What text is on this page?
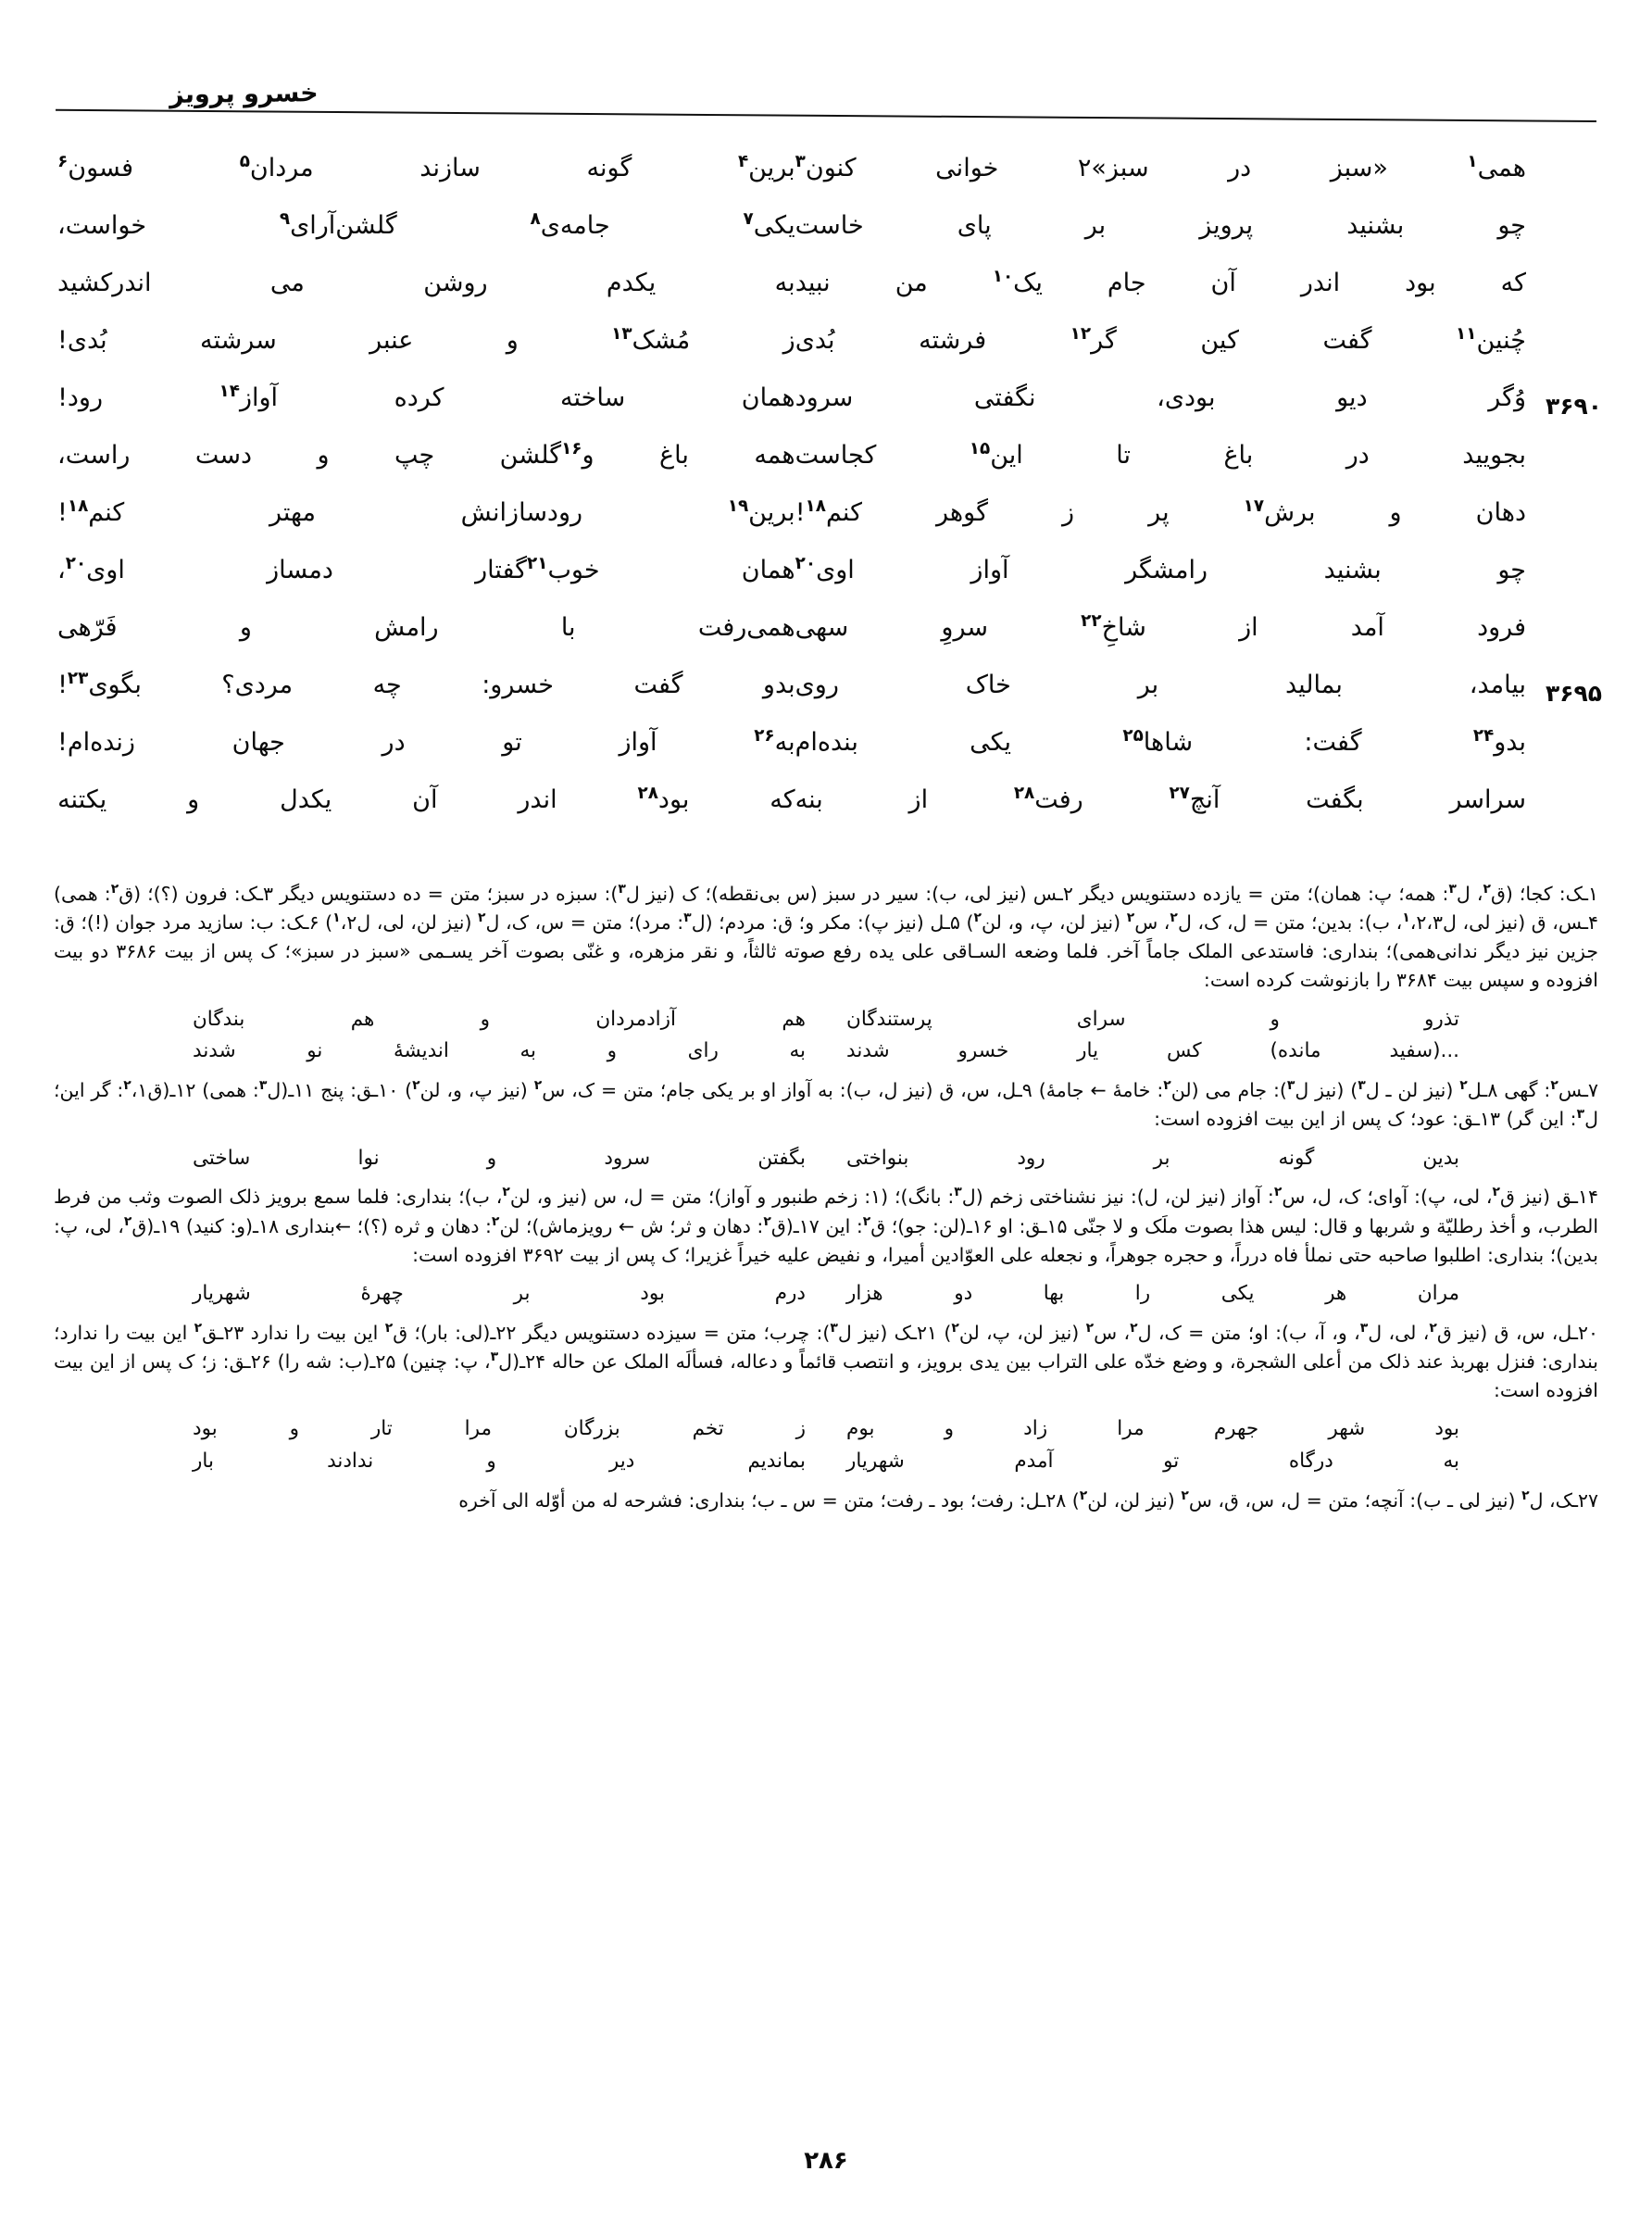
خسرو پرویز
همی$^۱$
«سبز
در
سبز»۲
خوانی
کنون$^۳$
برین$^۴$
گونه
سازند
مردان$^۵$
فسون$^۶$
چو
بشنید
پرویز
بر
پای
خاست
یکی$^۷$
جامه‌ی$^۸$
گلشن‌آرای$^۹$
خواست،
که
بود
اندر
آن
جام
یک$^{۱۰}$
من
نبید
به
یکدم
روشن
می
اندرکشید
چُنین$^{۱۱}$
گفت
کین
گر$^{۱۲}$
فرشته
بُدی
ز
مُشک$^{۱۳}$
و
عنبر
سرشته
بُدی!
۳۶۹۰
وُگر
دیو
بودی،
نگفتی
سرود
همان
ساخته
کرده
آواز$^{۱۴}$
رود!
بجویید
در
باغ
تا
این$^{۱۵}$
کجاست
همه
باغ
و$^{۱۶}$گلشن
چپ
و
دست
راست،
دهان
و
برش$^{۱۷}$
پر
ز
گوهر
کنم$^{۱۸}$!
برین$^{۱۹}$
رودسازانش
مهتر
کنم$^{۱۸}$!
چو
بشنید
رامشگر
آواز
اوی$^{۲۰}$
همان
خوب$^{۲۱}$گفتار
دمساز
اوی$^{۲۰}$،
فرود
آمد
از
شاخِ$^{۲۲}$
سروِ
سهی
همی‌رفت
با
رامش
و
فَرّهی
۳۶۹۵
بیامد،
بمالید
بر
خاک
روی
بدو
گفت
خسرو:
چه
مردی؟
بگوی$^{۲۳}$!
بدو$^{۲۴}$
گفت:
شاها$^{۲۵}$
یکی
بنده‌ام
به$^{۲۶}$
آواز
تو
در
جهان
زنده‌ام!
سراسر
بگفت
آنچ$^{۲۷}$
رفت$^{۲۸}$
از
بنه
که
بود$^{۲۸}$
اندر
آن
یکدل
و
یکتنه

۱ـک: کجا؛ (ق$^۲$، ل$^۳$: همه؛ پ: همان)؛ متن = یازده دستنویس دیگر ۲ـس (نیز لی، ب): سیر در سبز (س بی‌نقطه)؛ ک (نیز ل$^۳$): سبزه در سبز؛ متن = ده دستنویس دیگر ۳ـک: فرون (؟)؛ (ق$^۲$: همی) ۴ـس، ق (نیز لی، ل$^۱$،۲،۳، ب): بدین؛ متن = ل، ک، ل$^۲$، س$^۲$ (نیز لن، پ، و، لن$^۲$) ۵ـل (نیز پ): مکر و؛ ق: مردم؛ (ل$^۳$: مرد)؛ متن = س، ک، ل$^۲$ (نیز لن، لی، ل$^۱$،۲) ۶ـک: ب: سازید مرد جوان (!)؛ ق: جزین نیز دیگر ندانی‌همی)؛ بنداری: فاستدعی الملک جاماً آخر. فلما وضعه السـاقی علی یده رفع صوته ثالثاً، و نقر مزهره، و غنّی بصوت آخر یسـمی «سبز در سبز»؛ ک پس از بیت ۳۶۸۶ دو بیت افزوده و سپس بیت ۳۶۸۴ را بازنوشت کرده است:

تذرو
و
سرای
پرستندگان
هم
آزادمردان
و
هم
بندگان
...(سفید
مانده)
کس
یار
خسرو
شدند
به
رای
و
به
اندیشهٔ
نو
شدند

۷ـس$^۲$: گهی ۸ـل$^۲$ (نیز لن ـ ل$^۳$) (نیز ل$^۳$): جام می (لن$^۲$: خامهٔ ← جامهٔ) ۹ـل، س، ق (نیز ل، ب): به آواز او بر یکی جام؛ متن = ک، س$^۲$ (نیز پ، و، لن$^۲$) ۱۰ـق: پنج ۱۱ـ(ل$^۳$: همی) ۱۲ـ(ق$^۲$،۱: گر این؛ ل$^۳$: این گر) ۱۳ـق: عود؛ ک پس از این بیت افزوده است:

بدین
گونه
بر
رود
بنواختی
بگفتن
سرود
و
نوا
ساختی

۱۴ـق (نیز ق$^۲$، لی، پ): آوای؛ ک، ل، س$^۲$: آواز (نیز لن، ل): نیز نشناختی زخم (ل$^۳$: بانگ)؛ (۱: زخم طنبور و آواز)؛ متن = ل، س (نیز و، لن$^۲$، ب)؛ بنداری: فلما سمع برویز ذلک الصوت وثب من فرط الطرب، و أخذ رطلیّة و شربها و قال: لیس هذا بصوت ملَک و لا جنّی ۱۵ـق: او ۱۶ـ(لن: جو)؛ ق$^۲$: این ۱۷ـ(ق$^۲$: دهان و ثر؛ ش ← رویزماش)؛ لن$^۲$: دهان و ثره (؟)؛ ←بنداری ۱۸ـ(و: کنید) ۱۹ـ(ق$^۲$، لی، پ: بدین)؛ بنداری: اطلبوا صاحبه حتی نملأ فاه درراً، و حجره جوهراً، و نجعله علی العوّادین أمیرا، و نفیض علیه خیراً غزیرا؛ ک پس از بیت ۳۶۹۲ افزوده است:

مران
هر
یکی
را
بها
دو
هزار
درم
بود
بر
چهرهٔ
شهریار

۲۰ـل، س، ق (نیز ق$^۲$، لی، ل$^۳$، و، آ، ب): او؛ متن = ک، ل$^۲$، س$^۲$ (نیز لن، پ، لن$^۲$) ۲۱ـک (نیز ل$^۳$): چرب؛ متن = سیزده دستنویس دیگر ۲۲ـ(لی: بار)؛ ق$^۲$ این بیت را ندارد ۲۳ـق$^۲$ این بیت را ندارد؛ بنداری: فنزل بهربذ عند ذلک من أعلی الشجرة، و وضع خدّه علی التراب بین یدی برویز، و انتصب قائماً و دعاله، فسألَه الملک عن حاله ۲۴ـ(ل$^۳$، پ: چنین) ۲۵ـ(ب: شه را) ۲۶ـق: ز؛ ک پس از این بیت افزوده است:

بود
شهر
جهرم
مرا
زاد
و
بوم
ز
تخم
بزرگان
مرا
تار
و
بود
به
درگاه
تو
آمدم
شهریار
بماندیم
دیر
و
ندادند
بار

۲۷ـک، ل$^۲$ (نیز لی ـ ب): آنچه؛ متن = ل، س، ق، س$^۲$ (نیز لن، لن$^۲$) ۲۸ـل: رفت؛ بود ـ رفت؛ متن = س ـ ب؛ بنداری: فشرحه له من أوّله الی آخره

۲۸۶
